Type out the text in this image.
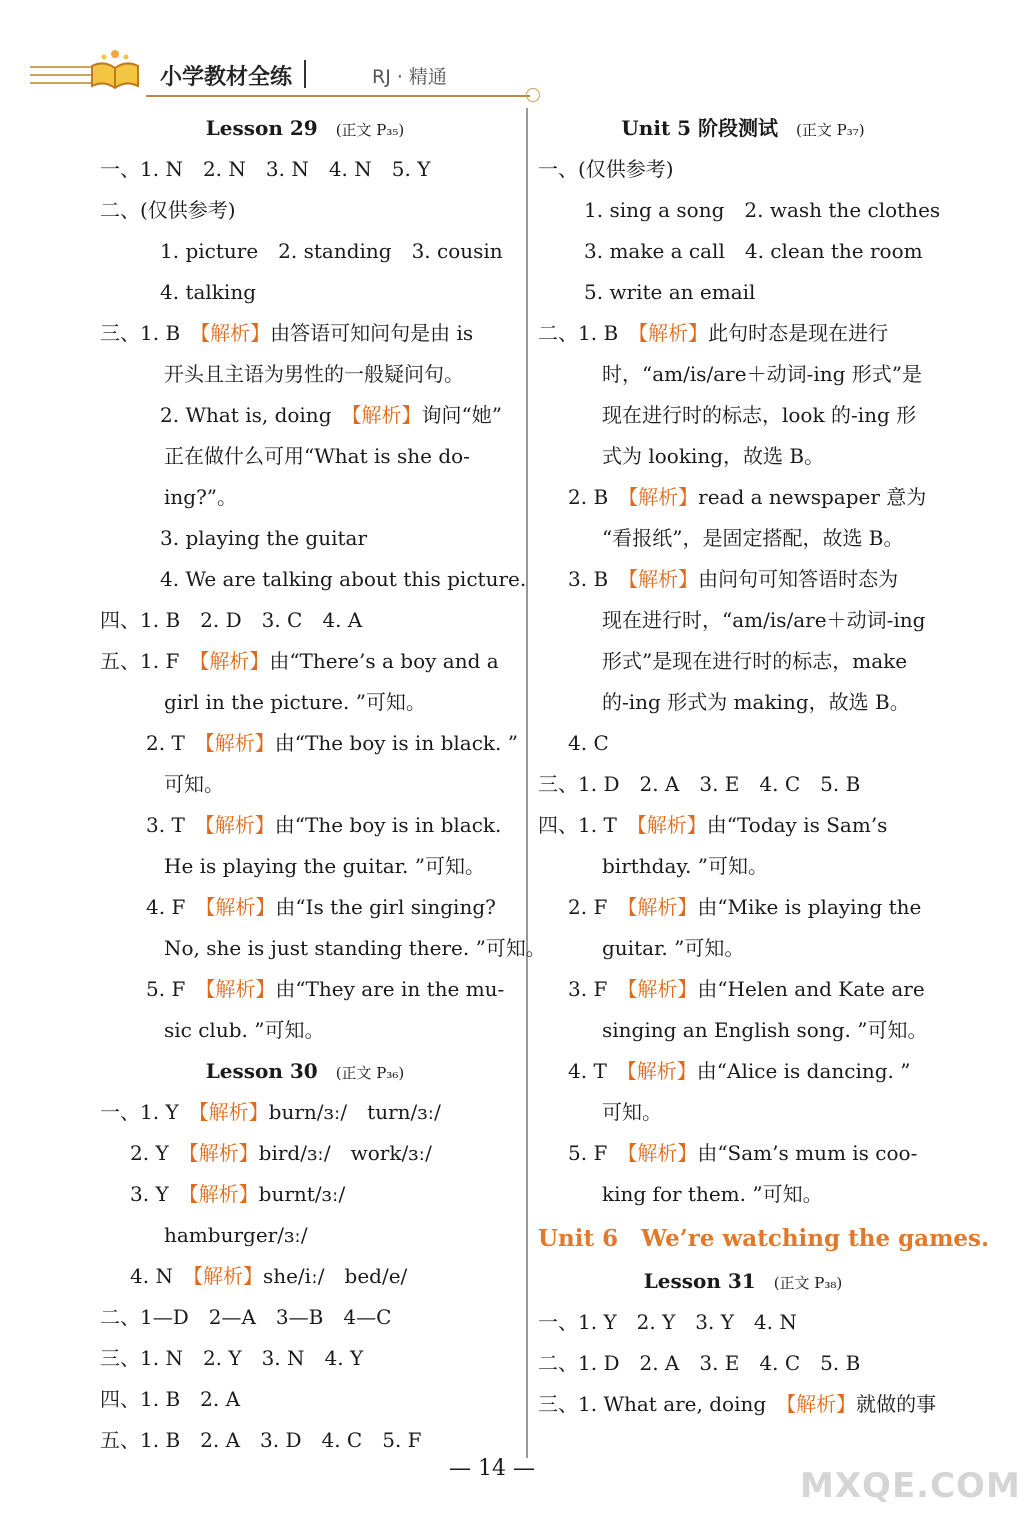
小学教材全练	RJ · 精通
Lesson 29 (正文 P₃₅)
一、1. N　2. N　3. N　4. N　5. Y
二、(仅供参考)
1. picture　2. standing　3. cousin
4. talking
三、1. B　【解析】由答语可知问句是由 is
开头且主语为男性的一般疑问句。
2. What is, doing　【解析】询问“她”
正在做什么可用“What is she do-
ing?”。
3. playing the guitar
4. We are talking about this picture.
四、1. B　2. D　3. C　4. A
五、1. F　【解析】由“There’s a boy and a
girl in the picture. ”可知。
2. T　【解析】由“The boy is in black. ”
可知。
3. T　【解析】由“The boy is in black.
He is playing the guitar. ”可知。
4. F　【解析】由“Is the girl singing?
No, she is just standing there. ”可知。
5. F　【解析】由“They are in the mu-
sic club. ”可知。
Lesson 30 (正文 P₃₆)
一、1. Y　【解析】burn/ɜː/　turn/ɜː/
2. Y　【解析】bird/ɜː/　work/ɜː/
3. Y　【解析】burnt/ɜː/
hamburger/ɜː/
4. N　【解析】she/iː/　bed/e/
二、1—D　2—A　3—B　4—C
三、1. N　2. Y　3. N　4. Y
四、1. B　2. A
五、1. B　2. A　3. D　4. C　5. F
Unit 5 阶段测试 (正文 P₃₇)
一、(仅供参考)
1. sing a song　2. wash the clothes
3. make a call　4. clean the room
5. write an email
二、1. B　【解析】此句时态是现在进行
时，“am/is/are＋动词-ing 形式”是
现在进行时的标志，look 的-ing 形
式为 looking，故选 B。
2. B　【解析】read a newspaper 意为
“看报纸”，是固定搭配，故选 B。
3. B　【解析】由问句可知答语时态为
现在进行时，“am/is/are＋动词-ing
形式”是现在进行时的标志，make
的-ing 形式为 making，故选 B。
4. C
三、1. D　2. A　3. E　4. C　5. B
四、1. T　【解析】由“Today is Sam’s
birthday. ”可知。
2. F　【解析】由“Mike is playing the
guitar. ”可知。
3. F　【解析】由“Helen and Kate are
singing an English song. ”可知。
4. T　【解析】由“Alice is dancing. ”
可知。
5. F　【解析】由“Sam’s mum is coo-
king for them. ”可知。
Unit 6　We’re watching the games.
Lesson 31 (正文 P₃₈)
一、1. Y　2. Y　3. Y　4. N
二、1. D　2. A　3. E　4. C　5. B
三、1. What are, doing　【解析】就做的事
— 14 —	MXQE.COM
